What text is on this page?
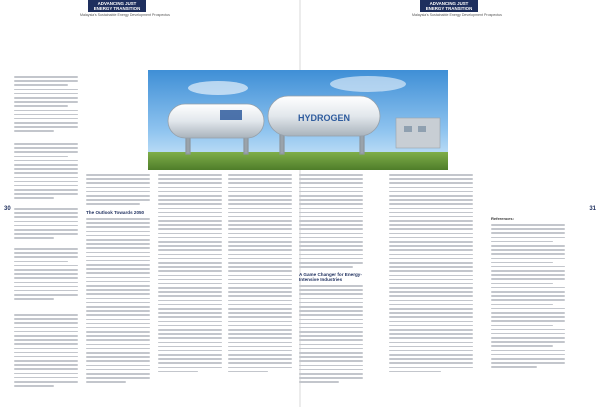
ADVANCING JUST ENERGY TRANSITION
Malaysia's Sustainable Energy Development Prospectus
The Outlook Towards 2050
30
ADVANCING JUST ENERGY TRANSITION
Malaysia's Sustainable Energy Development Prospectus
A Game Changer for Energy-Intensive Industries
References:
31
HYDROGEN
